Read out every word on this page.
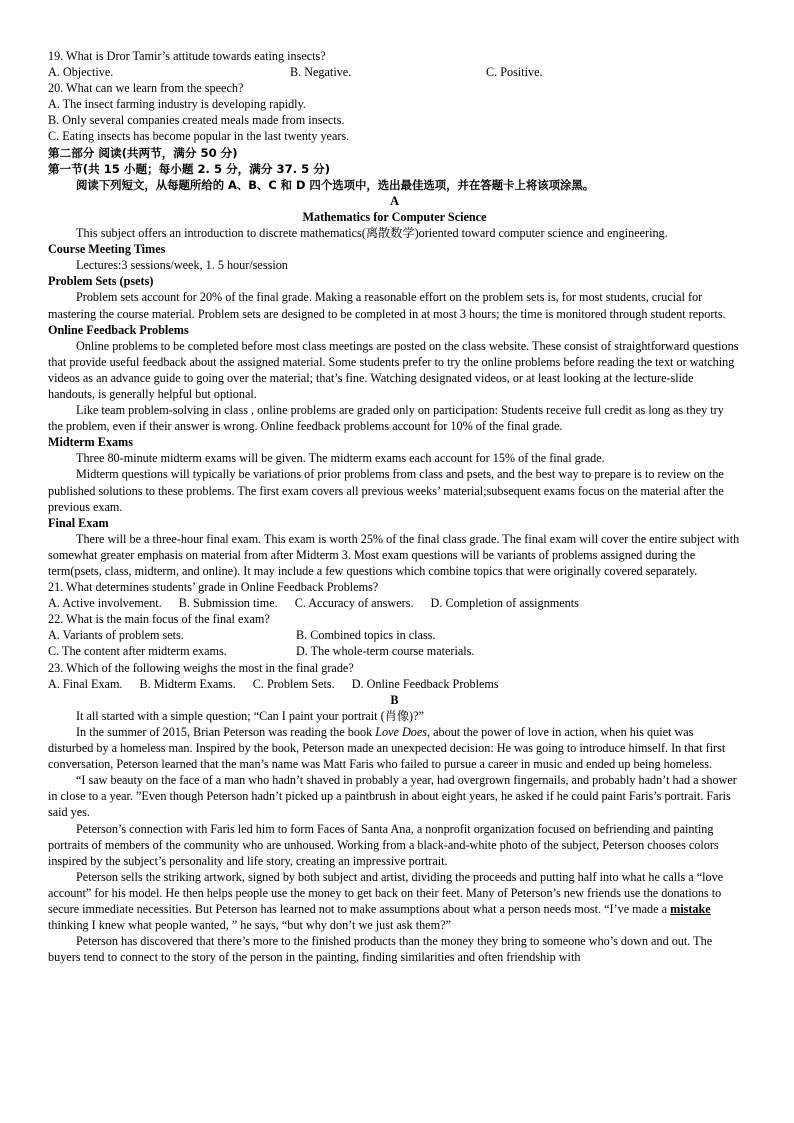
19. What is Dror Tamir’s attitude towards eating insects?

A. Objective.	B. Negative.	C. Positive.

20. What can we learn from the speech?

A. The insect farming industry is developing rapidly.

B. Only several companies created meals made from insects.

C. Eating insects has become popular in the last twenty years.

第二部分 阅读(共两节，满分 50 分)

第一节(共 15 小题；每小题 2. 5 分，满分 37. 5 分)

阅读下列短文，从每题所给的 A、B、C 和 D 四个选项中，选出最佳选项，并在答题卡上将该项涂黑。

A

Mathematics for Computer Science

This subject offers an introduction to discrete mathematics(离散数学)oriented toward computer science and engineering.

Course Meeting Times

Lectures:3 sessions/week, 1. 5 hour/session

Problem Sets (psets)

Problem sets account for 20% of the final grade. Making a reasonable effort on the problem sets is, for most students, crucial for mastering the course material. Problem sets are designed to be completed in at most 3 hours; the time is monitored through student reports.

Online Feedback Problems

Online problems to be completed before most class meetings are posted on the class website. These consist of straightforward questions that provide useful feedback about the assigned material. Some students prefer to try the online problems before reading the text or watching videos as an advance guide to going over the material; that’s fine. Watching designated videos, or at least looking at the lecture-slide handouts, is generally helpful but optional.

Like team problem-solving in class , online problems are graded only on participation: Students receive full credit as long as they try the problem, even if their answer is wrong. Online feedback problems account for 10% of the final grade.

Midterm Exams

Three 80-minute midterm exams will be given. The midterm exams each account for 15% of the final grade.

Midterm questions will typically be variations of prior problems from class and psets, and the best way to prepare is to review on the published solutions to these problems. The first exam covers all previous weeks’ material;subsequent exams focus on the material after the previous exam.

Final Exam

There will be a three-hour final exam. This exam is worth 25% of the final class grade. The final exam will cover the entire subject with somewhat greater emphasis on material from after Midterm 3. Most exam questions will be variants of problems assigned during the term(psets, class, midterm, and online). It may include a few questions which combine topics that were originally covered separately.

21. What determines students’ grade in Online Feedback Problems?

A. Active involvement. B. Submission time. C. Accuracy of answers. D. Completion of assignments

22. What is the main focus of the final exam?

A. Variants of problem sets.	B. Combined topics in class.
C. The content after midterm exams.	D. The whole-term course materials.

23. Which of the following weighs the most in the final grade?

A. Final Exam. B. Midterm Exams. C. Problem Sets. D. Online Feedback Problems

B

It all started with a simple question; “Can I paint your portrait (肖像)?”

In the summer of 2015, Brian Peterson was reading the book Love Does, about the power of love in action, when his quiet was disturbed by a homeless man. Inspired by the book, Peterson made an unexpected decision: He was going to introduce himself. In that first conversation, Peterson learned that the man’s name was Matt Faris who failed to pursue a career in music and ended up being homeless.

“I saw beauty on the face of a man who hadn’t shaved in probably a year, had overgrown fingernails, and probably hadn’t had a shower in close to a year. ”Even though Peterson hadn’t picked up a paintbrush in about eight years, he asked if he could paint Faris’s portrait. Faris said yes.

Peterson’s connection with Faris led him to form Faces of Santa Ana, a nonprofit organization focused on befriending and painting portraits of members of the community who are unhoused. Working from a black-and-white photo of the subject, Peterson chooses colors inspired by the subject’s personality and life story, creating an impressive portrait.

Peterson sells the striking artwork, signed by both subject and artist, dividing the proceeds and putting half into what he calls a “love account” for his model. He then helps people use the money to get back on their feet. Many of Peterson’s new friends use the donations to secure immediate necessities. But Peterson has learned not to make assumptions about what a person needs most. “I’ve made a mistake thinking I knew what people wanted, ” he says, “but why don’t we just ask them?”

Peterson has discovered that there’s more to the finished products than the money they bring to someone who’s down and out. The buyers tend to connect to the story of the person in the painting, finding similarities and often friendship with
